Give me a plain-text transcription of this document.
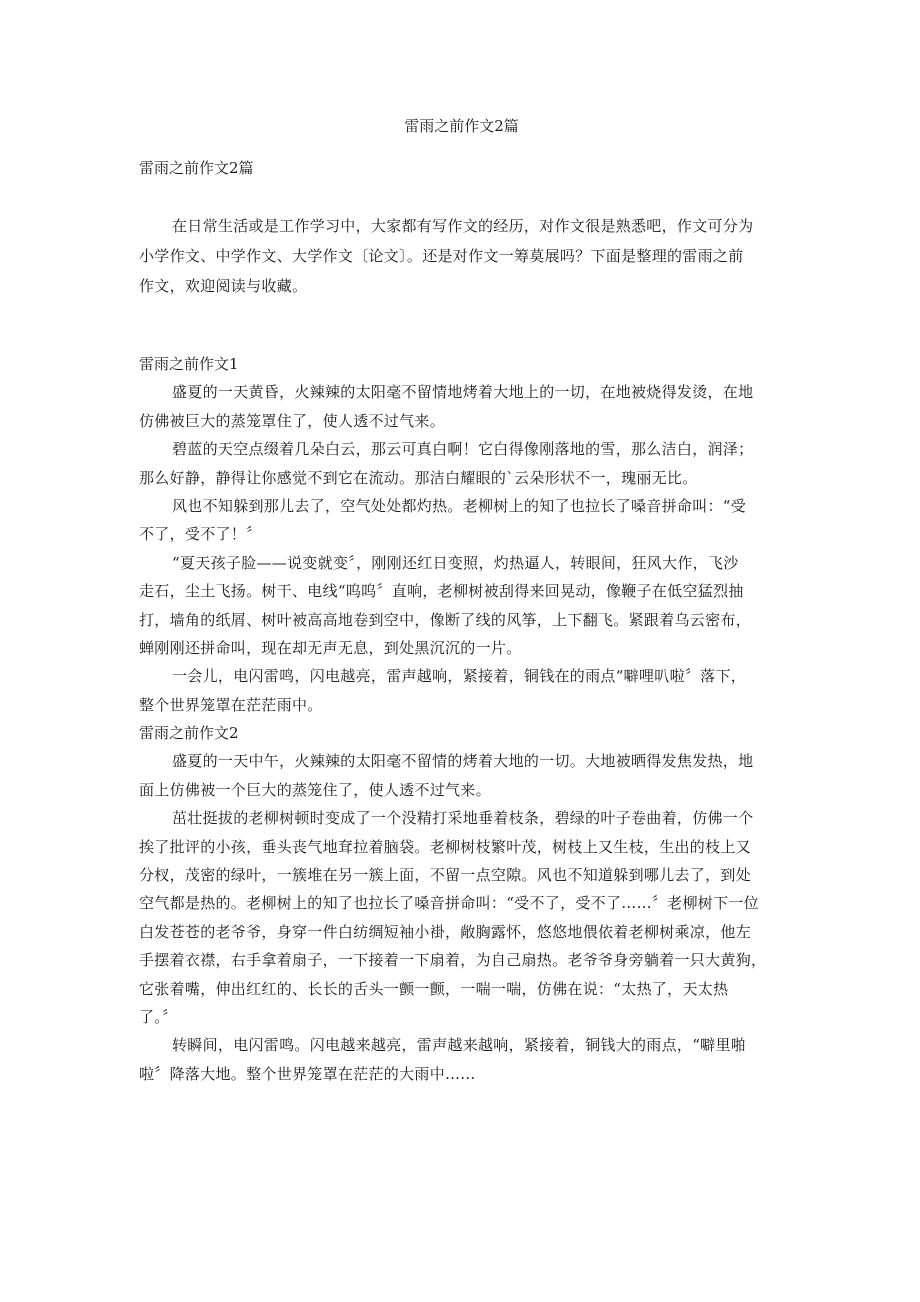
雷雨之前作文2篇
雷雨之前作文2篇
在日常生活或是工作学习中，大家都有写作文的经历，对作文很是熟悉吧，作文可分为
小学作文、中学作文、大学作文〔论文〕。还是对作文一筹莫展吗？下面是整理的雷雨之前
作文，欢迎阅读与收藏。
雷雨之前作文1
盛夏的一天黄昏，火辣辣的太阳毫不留情地烤着大地上的一切，在地被烧得发烫，在地
仿佛被巨大的蒸笼罩住了，使人透不过气来。
碧蓝的天空点缀着几朵白云，那云可真白啊！它白得像刚落地的雪，那么洁白，润泽；
那么好静，静得让你感觉不到它在流动。那洁白耀眼的`云朵形状不一，瑰丽无比。
风也不知躲到那儿去了，空气处处都灼热。老柳树上的知了也拉长了嗓音拼命叫：“受
不了，受不了！〞
“夏天孩子脸——说变就变〞，刚刚还红日变照，灼热逼人，转眼间，狂风大作，飞沙
走石，尘土飞扬。树干、电线“呜呜〞直响，老柳树被刮得来回晃动，像鞭子在低空猛烈抽
打，墙角的纸屑、树叶被高高地卷到空中，像断了线的风筝，上下翻飞。紧跟着乌云密布，
蝉刚刚还拼命叫，现在却无声无息，到处黑沉沉的一片。
一会儿，电闪雷鸣，闪电越亮，雷声越响，紧接着，铜钱在的雨点“噼哩叭啦〞落下，
整个世界笼罩在茫茫雨中。
雷雨之前作文2
盛夏的一天中午，火辣辣的太阳毫不留情的烤着大地的一切。大地被晒得发焦发热，地
面上仿佛被一个巨大的蒸笼住了，使人透不过气来。
茁壮挺拔的老柳树顿时变成了一个没精打采地垂着枝条，碧绿的叶子卷曲着，仿佛一个
挨了批评的小孩，垂头丧气地耷拉着脑袋。老柳树枝繁叶茂，树枝上又生枝，生出的枝上又
分杈，茂密的绿叶，一簇堆在另一簇上面，不留一点空隙。风也不知道躲到哪儿去了，到处
空气都是热的。老柳树上的知了也拉长了嗓音拼命叫：“受不了，受不了……〞老柳树下一位
白发苍苍的老爷爷，身穿一件白纺绸短袖小褂，敞胸露怀，悠悠地偎依着老柳树乘凉，他左
手摆着衣襟，右手拿着扇子，一下接着一下扇着，为自己扇热。老爷爷身旁躺着一只大黄狗，
它张着嘴，伸出红红的、长长的舌头一颤一颤，一喘一喘，仿佛在说：“太热了，天太热
了。〞
转瞬间，电闪雷鸣。闪电越来越亮，雷声越来越响，紧接着，铜钱大的雨点，“噼里啪
啦〞降落大地。整个世界笼罩在茫茫的大雨中……
